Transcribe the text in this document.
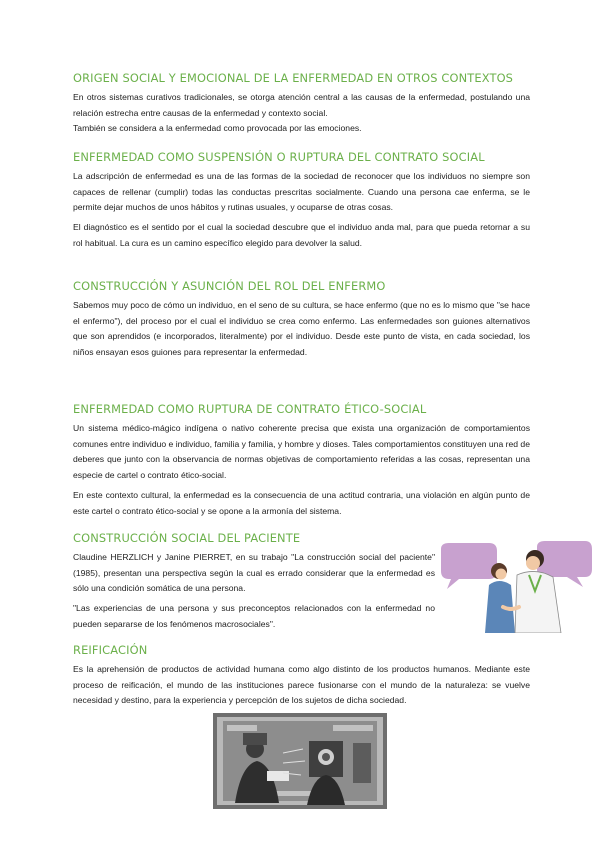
ORIGEN SOCIAL Y EMOCIONAL DE LA ENFERMEDAD EN OTROS CONTEXTOS

En otros sistemas curativos tradicionales, se otorga atención central a las causas de la enfermedad, postulando una relación estrecha entre causas de la enfermedad y contexto social.

También se considera a la enfermedad como provocada por las emociones.

ENFERMEDAD COMO SUSPENSIÓN O RUPTURA DEL CONTRATO SOCIAL

La adscripción de enfermedad es una de las formas de la sociedad de reconocer que los individuos no siempre son capaces de rellenar (cumplir) todas las conductas prescritas socialmente. Cuando una persona cae enferma, se le permite dejar muchos de unos hábitos y rutinas usuales, y ocuparse de otras cosas.

El diagnóstico es el sentido por el cual la sociedad descubre que el individuo anda mal, para que pueda retornar a su rol habitual. La cura es un camino específico elegido para devolver la salud.

CONSTRUCCIÓN Y ASUNCIÓN DEL ROL DEL ENFERMO

Sabemos muy poco de cómo un individuo, en el seno de su cultura, se hace enfermo (que no es lo mismo que "se hace el enfermo"), del proceso por el cual el individuo se crea como enfermo. Las enfermedades son guiones alternativos que son aprendidos (e incorporados, literalmente) por el individuo. Desde este punto de vista, en cada sociedad, los niños ensayan esos guiones para representar la enfermedad.

ENFERMEDAD COMO RUPTURA DE CONTRATO ÉTICO-SOCIAL

Un sistema médico-mágico indígena o nativo coherente precisa que exista una organización de comportamientos comunes entre individuo e individuo, familia y familia, y hombre y dioses. Tales comportamientos constituyen una red de deberes que junto con la observancia de normas objetivas de comportamiento referidas a las cosas, representan una especie de cartel o contrato ético-social.

En este contexto cultural, la enfermedad es la consecuencia de una actitud contraria, una violación en algún punto de este cartel o contrato ético-social y se opone a la armonía del sistema.

CONSTRUCCIÓN SOCIAL DEL PACIENTE

Claudine HERZLICH y Janine PIERRET, en su trabajo "La construcción social del paciente" (1985), presentan una perspectiva según la cual es errado considerar que la enfermedad es sólo una condición somática de una persona.

"Las experiencias de una persona y sus preconceptos relacionados con la enfermedad no pueden separarse de los fenómenos macrosociales".

REIFICACIÓN

Es la aprehensión de productos de actividad humana como algo distinto de los productos humanos. Mediante este proceso de reificación, el mundo de las instituciones parece fusionarse con el mundo de la naturaleza: se vuelve necesidad y destino, para la experiencia y percepción de los sujetos de dicha sociedad.
